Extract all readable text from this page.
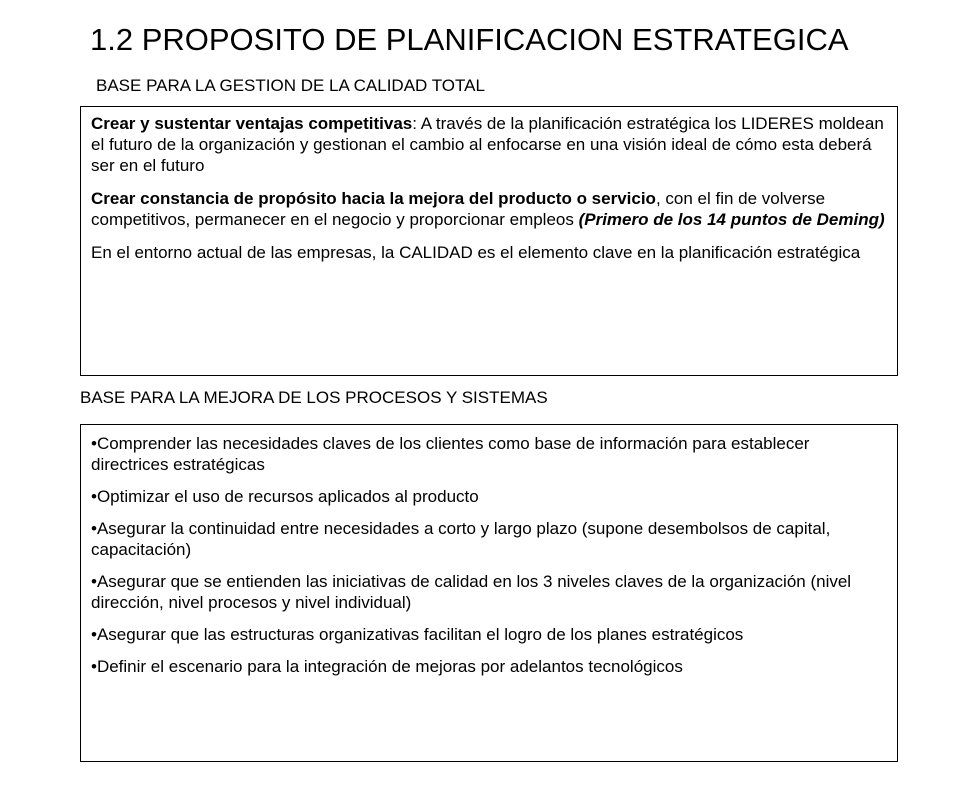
1.2 PROPOSITO DE PLANIFICACION ESTRATEGICA
BASE PARA LA GESTION DE LA CALIDAD TOTAL

Crear y sustentar ventajas competitivas: A través de la planificación estratégica los LIDERES moldean el futuro de la organización y gestionan el cambio al enfocarse en una visión ideal de cómo esta deberá ser en el futuro

Crear constancia de propósito hacia la mejora del producto o servicio, con el fin de volverse competitivos, permanecer en el negocio y proporcionar empleos (Primero de los 14 puntos de Deming)

En el entorno actual de las empresas, la CALIDAD es el elemento clave en la planificación estratégica

BASE PARA LA MEJORA DE LOS PROCESOS Y SISTEMAS

•Comprender las necesidades claves de los clientes como base de información para establecer directrices estratégicas

•Optimizar el uso de recursos aplicados al producto

•Asegurar la continuidad entre necesidades a corto y largo plazo (supone desembolsos de capital, capacitación)

•Asegurar que se entienden las iniciativas de calidad en los 3 niveles claves de la organización (nivel dirección, nivel procesos y nivel individual)

•Asegurar que las estructuras organizativas facilitan el logro de los planes estratégicos

•Definir el escenario para la integración de mejoras por adelantos tecnológicos
